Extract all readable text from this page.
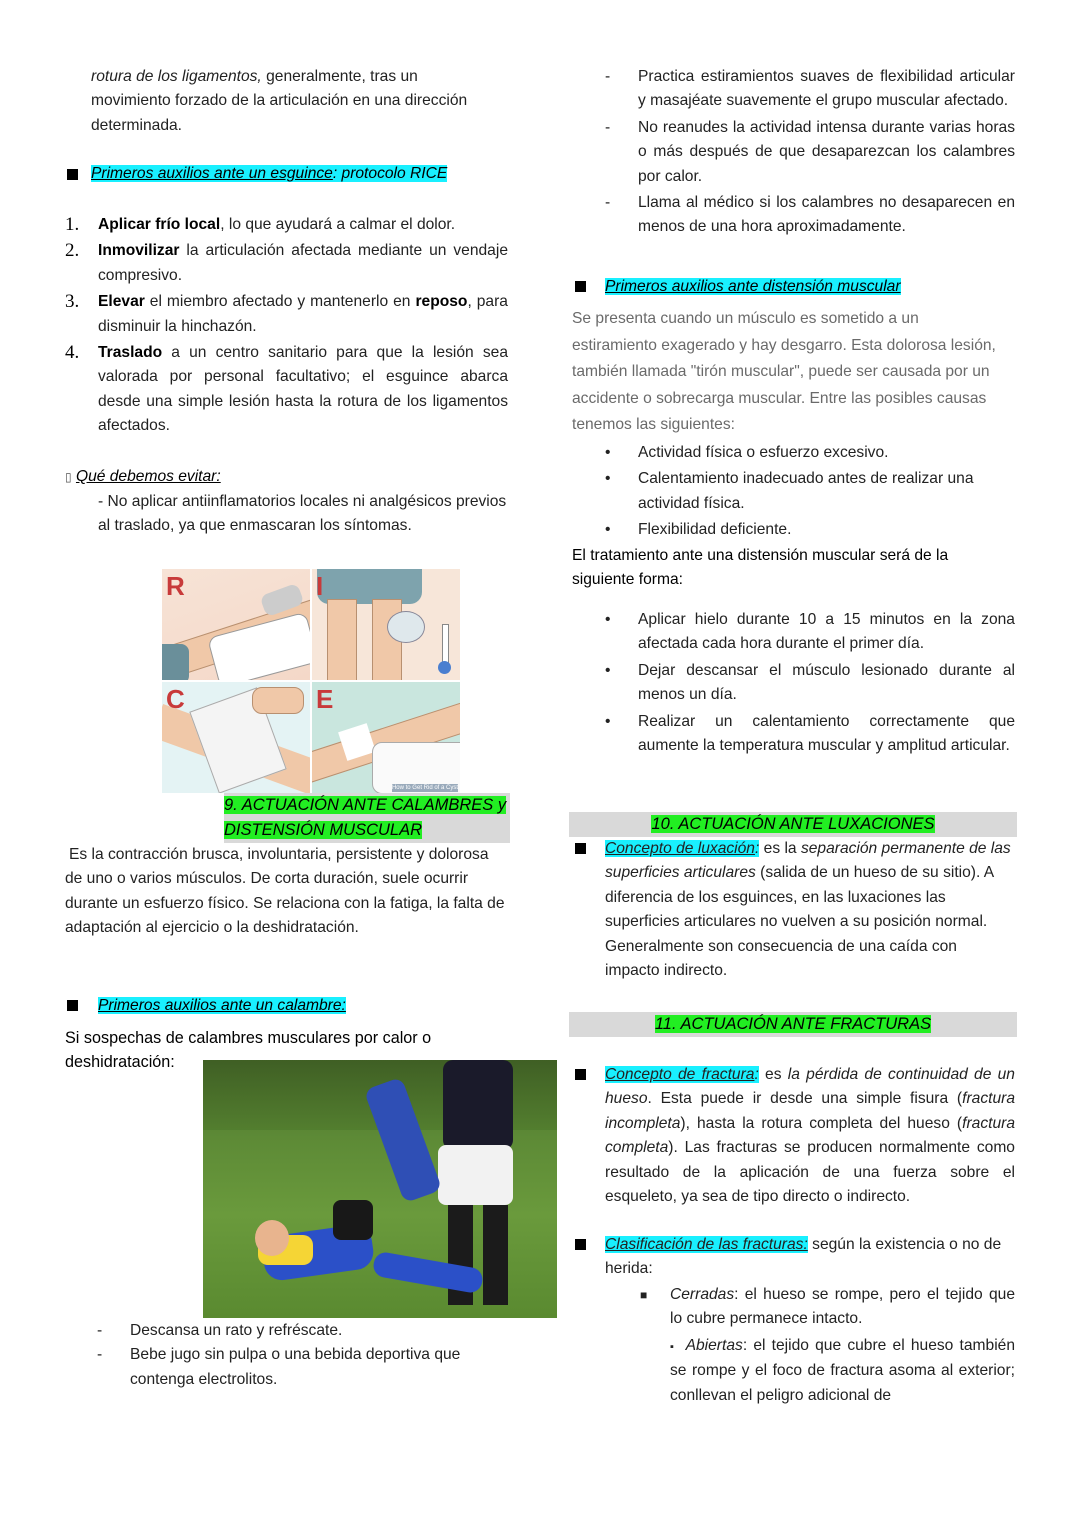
rotura de los ligamentos, generalmente, tras un movimiento forzado de la articulación en una dirección determinada.
Primeros auxilios ante un esguince: protocolo RICE
1. Aplicar frío local, lo que ayudará a calmar el dolor.
2. Inmovilizar la articulación afectada mediante un vendaje compresivo.
3. Elevar el miembro afectado y mantenerlo en reposo, para disminuir la hinchazón.
4. Traslado a un centro sanitario para que la lesión sea valorada por personal facultativo; el esguince abarca desde una simple lesión hasta la rotura de los ligamentos afectados.
▯ Qué debemos evitar:
- No aplicar antiinflamatorios locales ni analgésicos previos al traslado, ya que enmascaran los síntomas.
R	I
C	E
How to Get Rid of a Cyst
9. ACTUACIÓN ANTE CALAMBRES y
DISTENSIÓN MUSCULAR
Es la contracción brusca, involuntaria, persistente y dolorosa de uno o varios músculos. De corta duración, suele ocurrir durante un esfuerzo físico. Se relaciona con la fatiga, la falta de adaptación al ejercicio o la deshidratación.
Primeros auxilios ante un calambre:
Si sospechas de calambres musculares por calor o deshidratación:
- Descansa un rato y refréscate.
- Bebe jugo sin pulpa o una bebida deportiva que contenga electrolitos.
- Practica estiramientos suaves de flexibilidad articular y masajéate suavemente el grupo muscular afectado.
- No reanudes la actividad intensa durante varias horas o más después de que desaparezcan los calambres por calor.
- Llama al médico si los calambres no desaparecen en menos de una hora aproximadamente.
Primeros auxilios ante distensión muscular
Se presenta cuando un músculo es sometido a un estiramiento exagerado y hay desgarro. Esta dolorosa lesión, también llamada "tirón muscular", puede ser causada por un accidente o sobrecarga muscular. Entre las posibles causas tenemos las siguientes:
• Actividad física o esfuerzo excesivo.
• Calentamiento inadecuado antes de realizar una actividad física.
• Flexibilidad deficiente.
El tratamiento ante una distensión muscular será de la siguiente forma:
• Aplicar hielo durante 10 a 15 minutos en la zona afectada cada hora durante el primer día.
• Dejar descansar el músculo lesionado durante al menos un día.
• Realizar un calentamiento correctamente que aumente la temperatura muscular y amplitud articular.
10. ACTUACIÓN ANTE LUXACIONES
Concepto de luxación: es la separación permanente de las superficies articulares (salida de un hueso de su sitio). A diferencia de los esguinces, en las luxaciones las superficies articulares no vuelven a su posición normal. Generalmente son consecuencia de una caída con impacto indirecto.
11. ACTUACIÓN ANTE FRACTURAS
Concepto de fractura: es la pérdida de continuidad de un hueso. Esta puede ir desde una simple fisura (fractura incompleta), hasta la rotura completa del hueso (fractura completa). Las fracturas se producen normalmente como resultado de la aplicación de una fuerza sobre el esqueleto, ya sea de tipo directo o indirecto.
Clasificación de las fracturas: según la existencia o no de herida:
■ Cerradas: el hueso se rompe, pero el tejido que lo cubre permanece intacto.
▪  Abiertas: el tejido que cubre el hueso también se rompe y el foco de fractura asoma al exterior; conllevan el peligro adicional de
